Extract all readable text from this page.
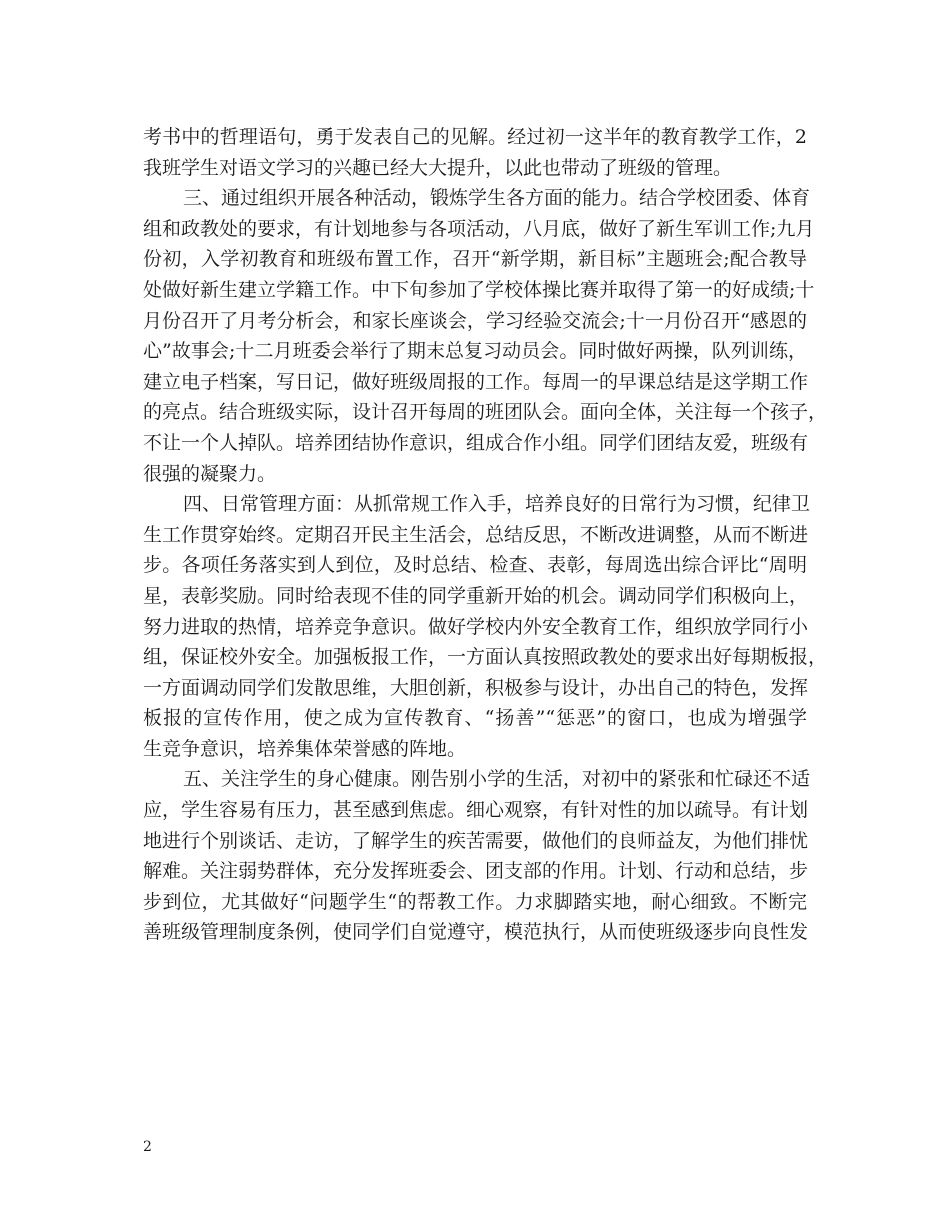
考书中的哲理语句，勇于发表自己的见解。经过初一这半年的教育教学工作，2
我班学生对语文学习的兴趣已经大大提升，以此也带动了班级的管理。
三、通过组织开展各种活动，锻炼学生各方面的能力。结合学校团委、体育
组和政教处的要求，有计划地参与各项活动，八月底，做好了新生军训工作;九月
份初，入学初教育和班级布置工作，召开“新学期，新目标”主题班会;配合教导
处做好新生建立学籍工作。中下旬参加了学校体操比赛并取得了第一的好成绩;十
月份召开了月考分析会，和家长座谈会，学习经验交流会;十一月份召开“感恩的
心”故事会;十二月班委会举行了期末总复习动员会。同时做好两操，队列训练，
建立电子档案，写日记，做好班级周报的工作。每周一的早课总结是这学期工作
的亮点。结合班级实际，设计召开每周的班团队会。面向全体，关注每一个孩子，
不让一个人掉队。培养团结协作意识，组成合作小组。同学们团结友爱，班级有
很强的凝聚力。
四、日常管理方面：从抓常规工作入手，培养良好的日常行为习惯，纪律卫
生工作贯穿始终。定期召开民主生活会，总结反思，不断改进调整，从而不断进
步。各项任务落实到人到位，及时总结、检查、表彰，每周选出综合评比“周明
星，表彰奖励。同时给表现不佳的同学重新开始的机会。调动同学们积极向上，
努力进取的热情，培养竞争意识。做好学校内外安全教育工作，组织放学同行小
组，保证校外安全。加强板报工作，一方面认真按照政教处的要求出好每期板报，
一方面调动同学们发散思维，大胆创新，积极参与设计，办出自己的特色，发挥
板报的宣传作用，使之成为宣传教育、“扬善”“惩恶”的窗口，也成为增强学
生竞争意识，培养集体荣誉感的阵地。
五、关注学生的身心健康。刚告别小学的生活，对初中的紧张和忙碌还不适
应，学生容易有压力，甚至感到焦虑。细心观察，有针对性的加以疏导。有计划
地进行个别谈话、走访，了解学生的疾苦需要，做他们的良师益友，为他们排忧
解难。关注弱势群体，充分发挥班委会、团支部的作用。计划、行动和总结，步
步到位，尤其做好“问题学生“的帮教工作。力求脚踏实地，耐心细致。不断完
善班级管理制度条例，使同学们自觉遵守，模范执行，从而使班级逐步向良性发
2
